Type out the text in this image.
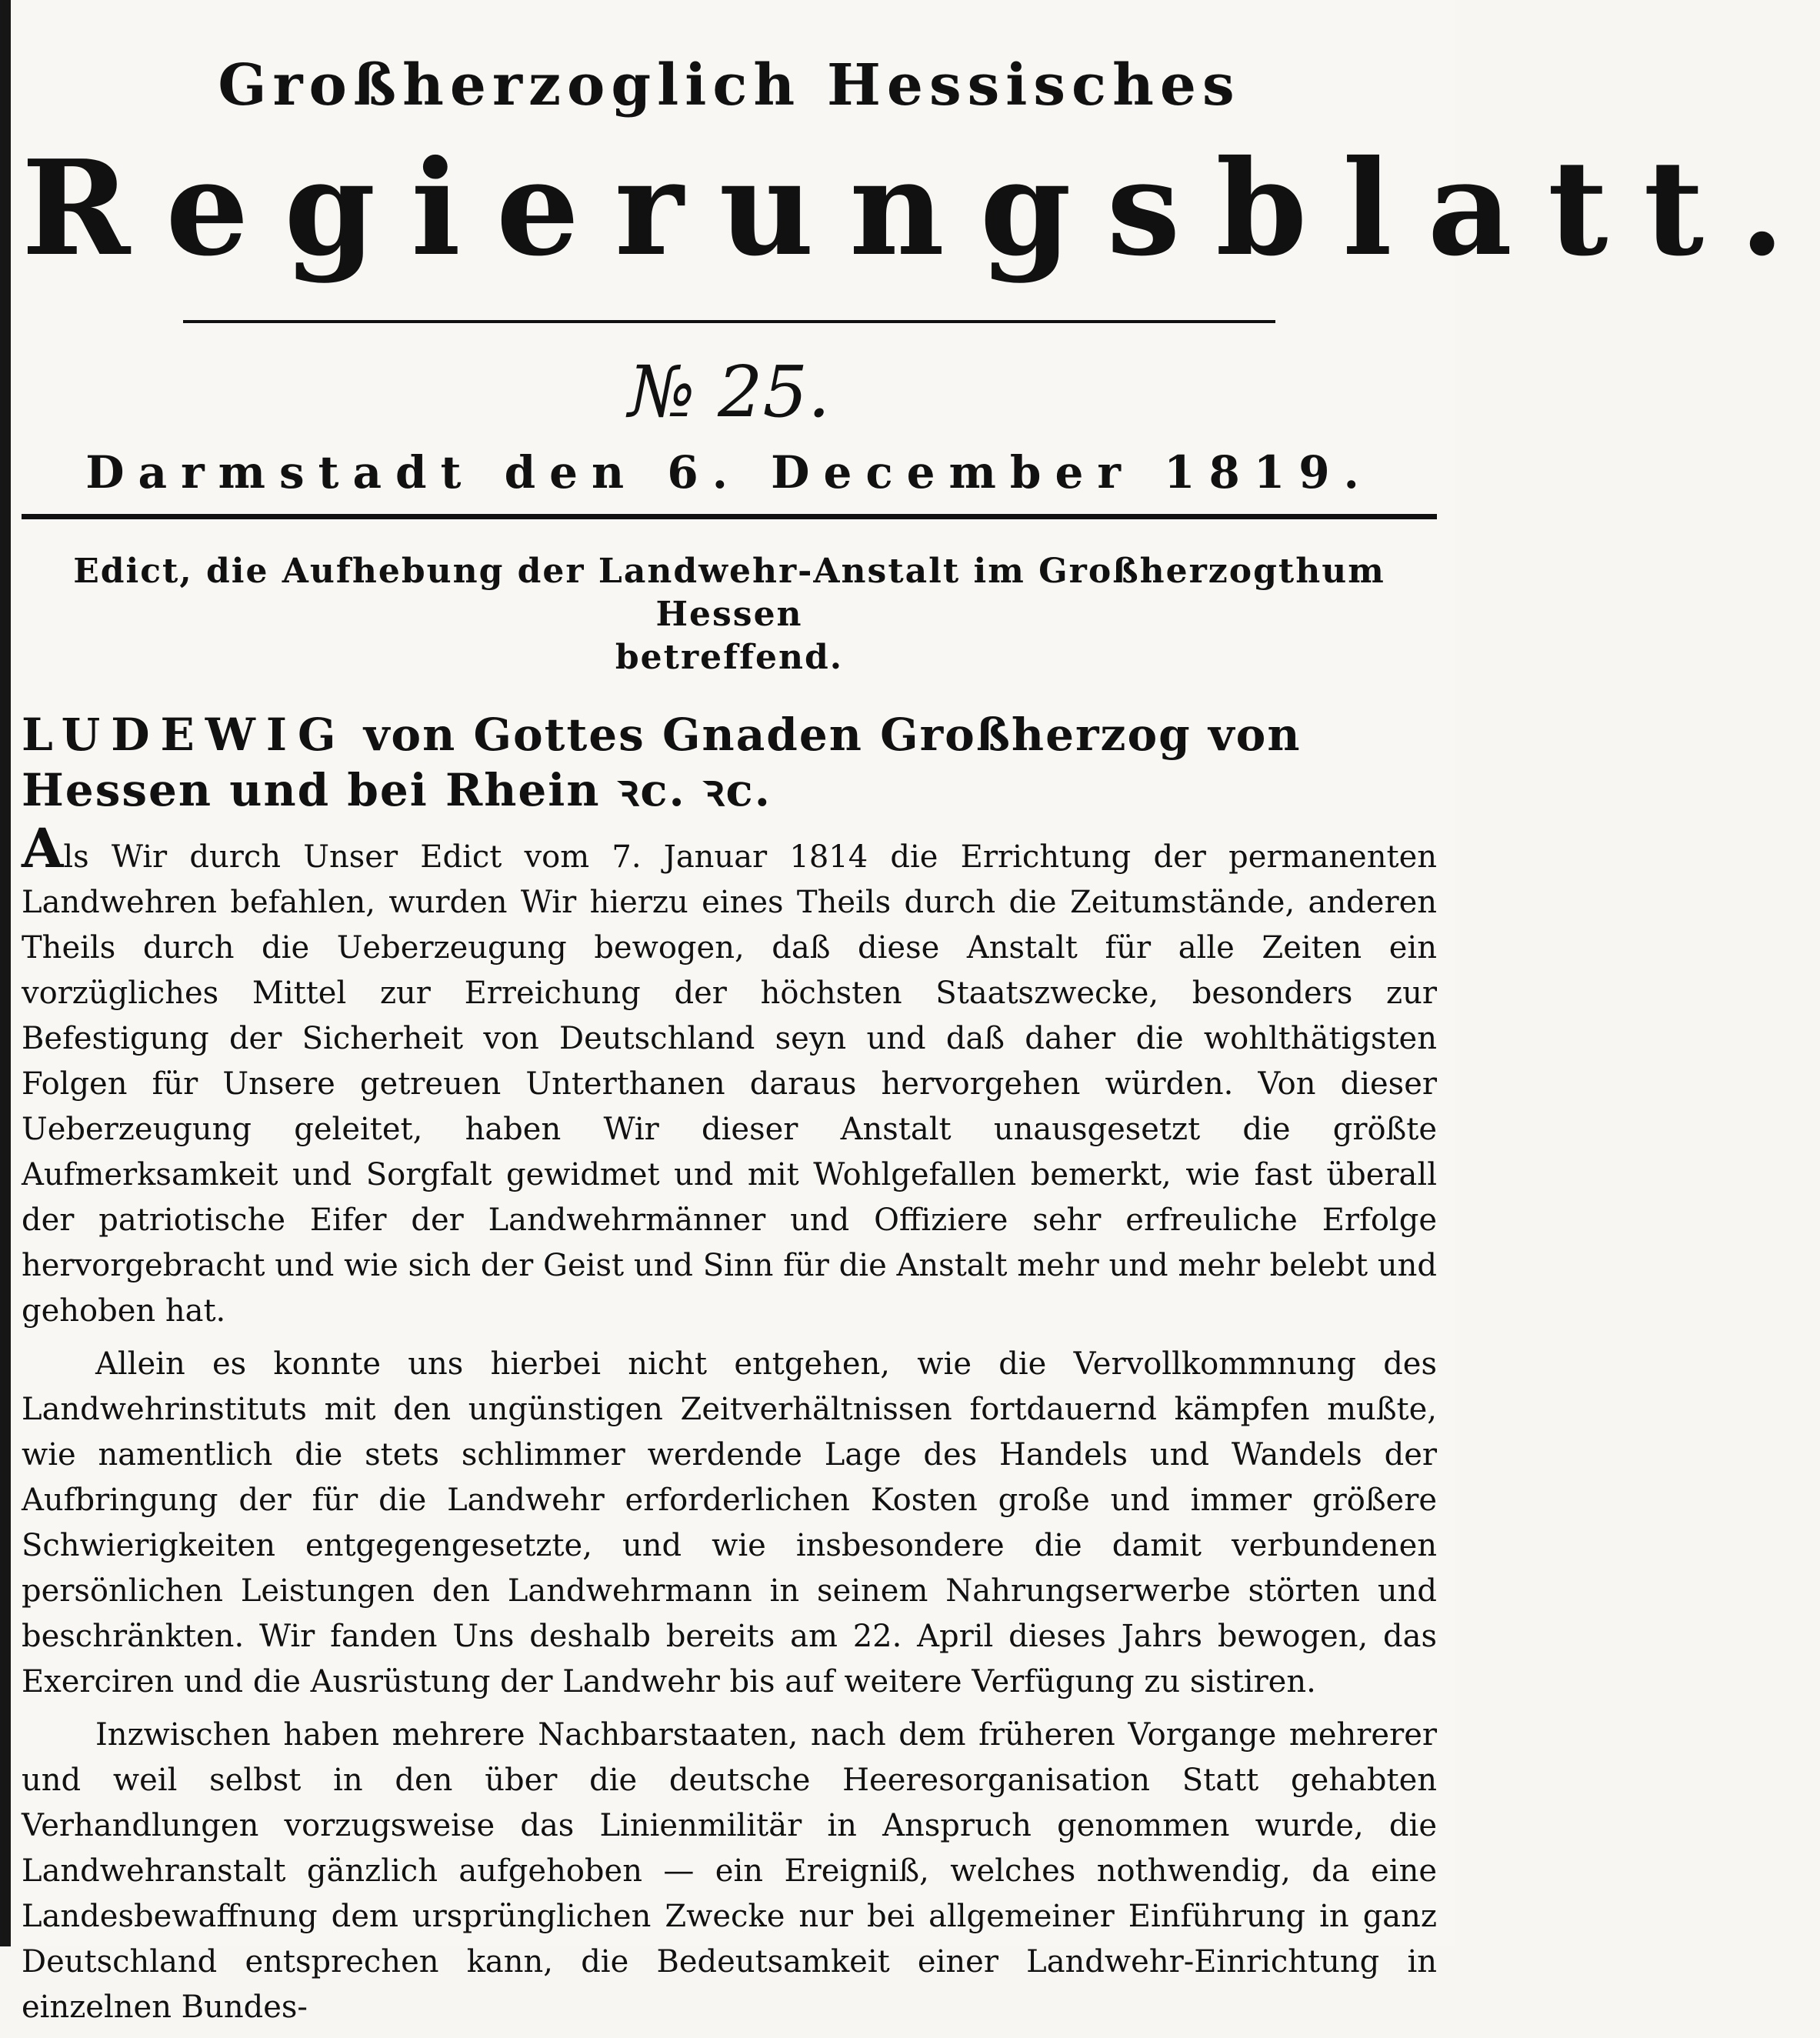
Großherzoglich Hessisches
Regierungsblatt.
№ 25.
Darmstadt den 6. December 1819.
Edict, die Aufhebung der Landwehr-Anstalt im Großherzogthum Hessen
betreffend.
LUDEWIG von Gottes Gnaden Großherzog von Hessen und bei Rhein ꝛc. ꝛc.

Als Wir durch Unser Edict vom 7. Januar 1814 die Errichtung der permanenten Landwehren befahlen, wurden Wir hierzu eines Theils durch die Zeitumstände, anderen Theils durch die Ueberzeugung bewogen, daß diese Anstalt für alle Zeiten ein vorzügliches Mittel zur Erreichung der höchsten Staatszwecke, besonders zur Befestigung der Sicherheit von Deutschland seyn und daß daher die wohlthätigsten Folgen für Unsere getreuen Unterthanen daraus hervorgehen würden. Von dieser Ueberzeugung geleitet, haben Wir dieser Anstalt unausgesetzt die größte Aufmerksamkeit und Sorgfalt gewidmet und mit Wohlgefallen bemerkt, wie fast überall der patriotische Eifer der Landwehrmänner und Offiziere sehr erfreuliche Erfolge hervorgebracht und wie sich der Geist und Sinn für die Anstalt mehr und mehr belebt und gehoben hat.

Allein es konnte uns hierbei nicht entgehen, wie die Vervollkommnung des Landwehrinstituts mit den ungünstigen Zeitverhältnissen fortdauernd kämpfen mußte, wie namentlich die stets schlimmer werdende Lage des Handels und Wandels der Aufbringung der für die Landwehr erforderlichen Kosten große und immer größere Schwierigkeiten entgegengesetzte, und wie insbesondere die damit verbundenen persönlichen Leistungen den Landwehrmann in seinem Nahrungserwerbe störten und beschränkten. Wir fanden Uns deshalb bereits am 22. April dieses Jahrs bewogen, das Exerciren und die Ausrüstung der Landwehr bis auf weitere Verfügung zu sistiren.

Inzwischen haben mehrere Nachbarstaaten, nach dem früheren Vorgange mehrerer und weil selbst in den über die deutsche Heeresorganisation Statt gehabten Verhandlungen vorzugsweise das Linienmilitär in Anspruch genommen wurde, die Landwehranstalt gänzlich aufgehoben — ein Ereigniß, welches nothwendig, da eine Landesbewaffnung dem ursprünglichen Zwecke nur bei allgemeiner Einführung in ganz Deutschland entsprechen kann, die Bedeutsamkeit einer Landwehr-Einrichtung in einzelnen Bundes-
